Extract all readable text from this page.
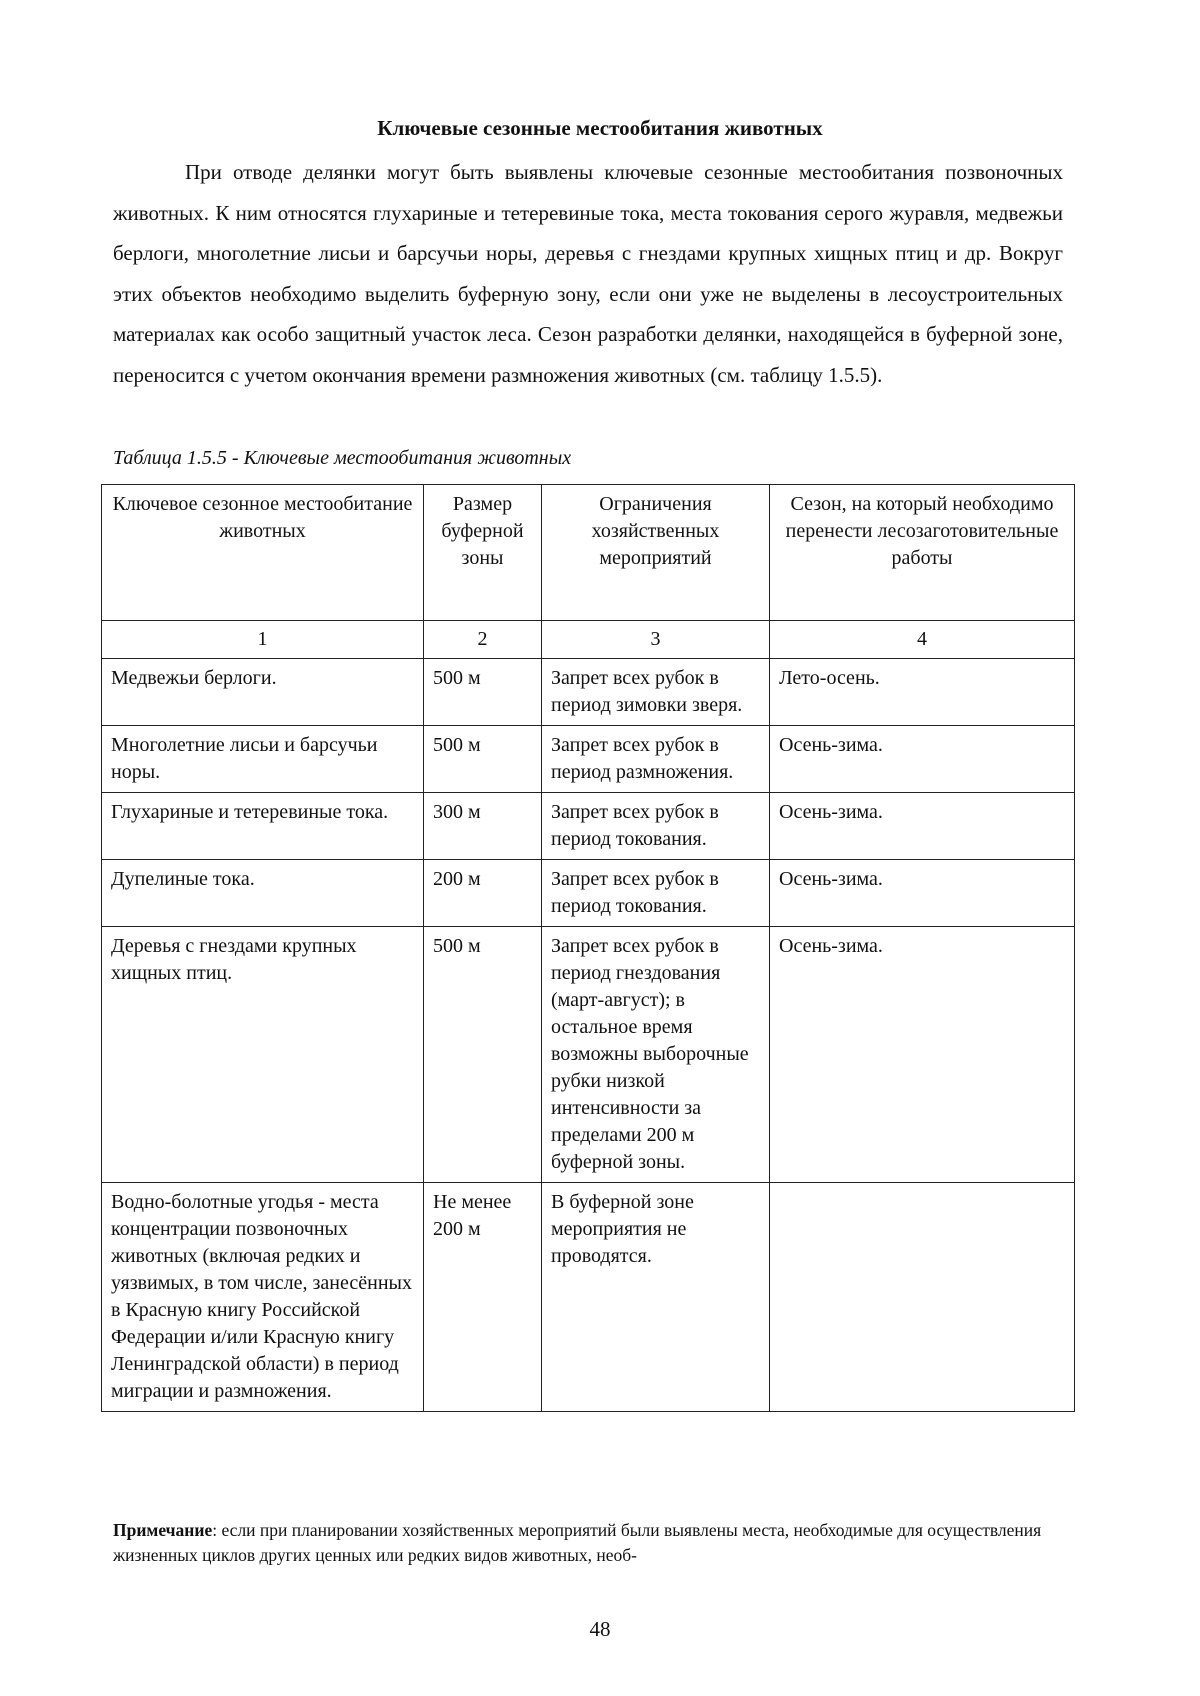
Ключевые сезонные местообитания животных

При отводе делянки могут быть выявлены ключевые сезонные местообитания позвоночных животных. К ним относятся глухариные и тетеревиные тока, места токования серого журавля, медвежьи берлоги, многолетние лисьи и барсучьи норы, деревья с гнездами крупных хищных птиц и др. Вокруг этих объектов необходимо выделить буферную зону, если они уже не выделены в лесоустроительных материалах как особо защитный участок леса. Сезон разработки делянки, находящейся в буферной зоне, переносится с учетом окончания времени размножения животных (см. таблицу 1.5.5).

Таблица 1.5.5 - Ключевые местообитания животных
Ключевое сезонное местообитание животных	Размер буферной зоны	Ограничения хозяйственных мероприятий	Сезон, на который необходимо перенести лесозаготовительные работы
1	2	3	4
Медвежьи берлоги.	500 м	Запрет всех рубок в период зимовки зверя.	Лето-осень.
Многолетние лисьи и барсучьи норы.	500 м	Запрет всех рубок в период размножения.	Осень-зима.
Глухариные и тетеревиные тока.	300 м	Запрет всех рубок в период токования.	Осень-зима.
Дупелиные тока.	200 м	Запрет всех рубок в период токования.	Осень-зима.
Деревья с гнездами крупных хищных птиц.	500 м	Запрет всех рубок в период гнездования (март-август); в остальное время возможны выборочные рубки низкой интенсивности за пределами 200 м буферной зоны.	Осень-зима.
Водно-болотные угодья - места концентрации позвоночных животных (включая редких и уязвимых, в том числе, занесённых в Красную книгу Российской Федерации и/или Красную книгу Ленинградской области) в период миграции и размножения.	Не менее 200 м	В буферной зоне мероприятия не проводятся.	

Примечание: если при планировании хозяйственных мероприятий были выявлены места, необходимые для осуществления жизненных циклов других ценных или редких видов животных, необ-

48
